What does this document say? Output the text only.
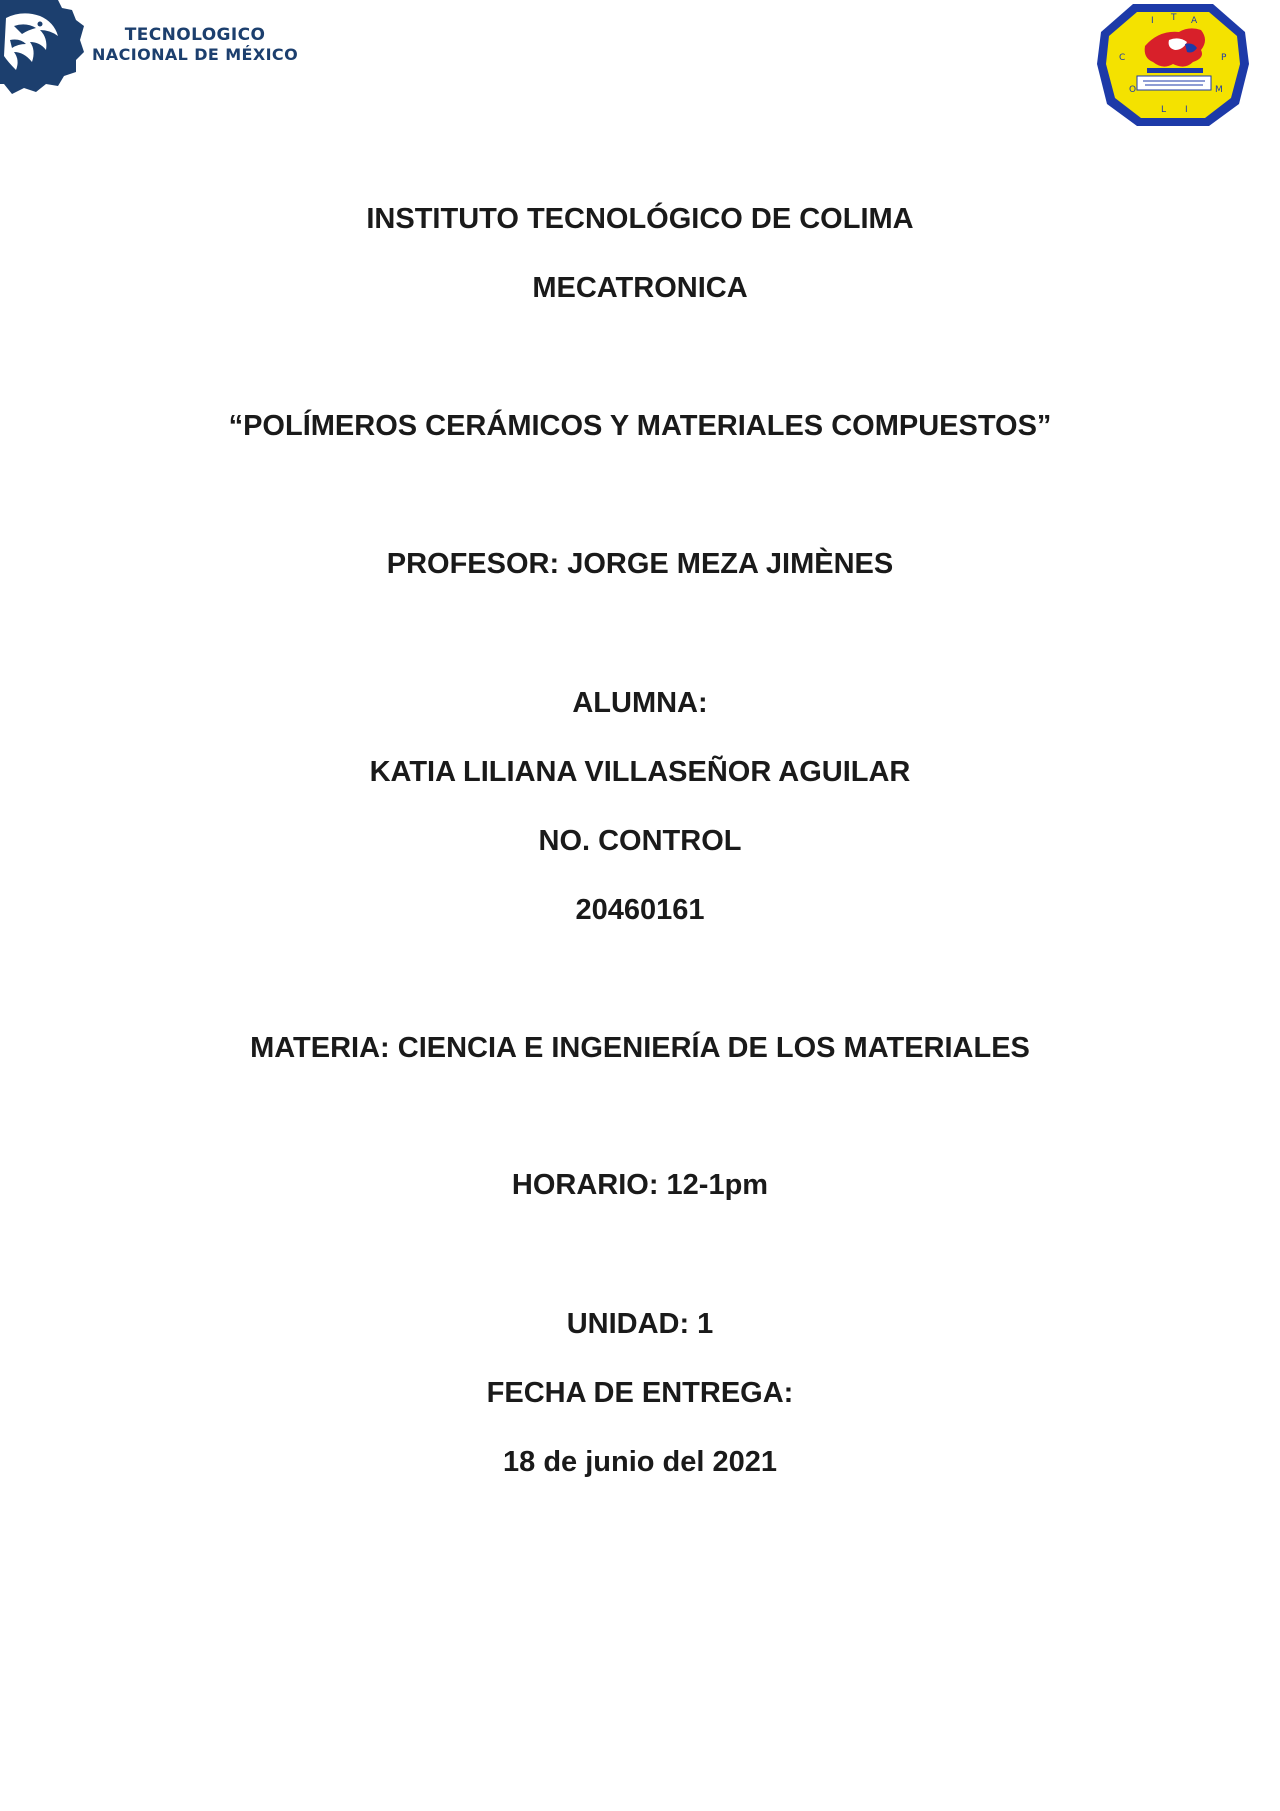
TECNOLOGICO
NACIONAL DE MÉXICO
I T A
C
O
P
M
L I
INSTITUTO TECNOLÓGICO DE COLIMA
MECATRONICA
“POLÍMEROS CERÁMICOS Y MATERIALES COMPUESTOS”
PROFESOR: JORGE MEZA JIMÈNES
ALUMNA:
KATIA LILIANA VILLASEÑOR AGUILAR
NO. CONTROL
20460161
MATERIA: CIENCIA E INGENIERÍA DE LOS MATERIALES
HORARIO: 12-1pm
UNIDAD: 1
FECHA DE ENTREGA:
18 de junio del 2021
